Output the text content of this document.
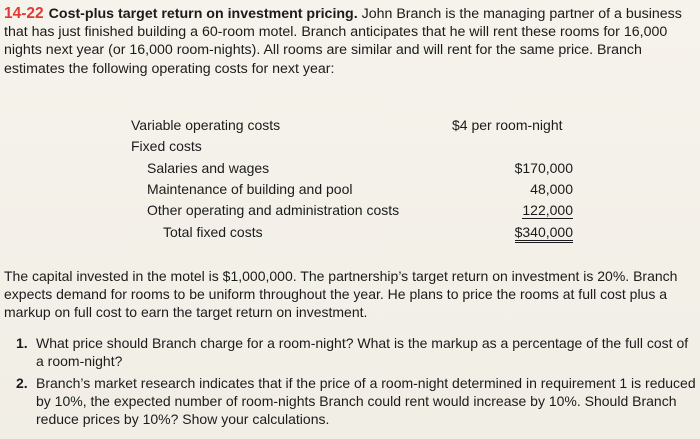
14-22 Cost-plus target return on investment pricing. John Branch is the managing partner of a business that has just finished building a 60-room motel. Branch anticipates that he will rent these rooms for 16,000 nights next year (or 16,000 room-nights). All rooms are similar and will rent for the same price. Branch estimates the following operating costs for next year:
Variable operating costs	$4 per room-night
Fixed costs
Salaries and wages	$170,000
Maintenance of building and pool	48,000
Other operating and administration costs	122,000
Total fixed costs	$340,000
The capital invested in the motel is $1,000,000. The partnership’s target return on investment is 20%. Branch expects demand for rooms to be uniform throughout the year. He plans to price the rooms at full cost plus a markup on full cost to earn the target return on investment.
1. What price should Branch charge for a room-night? What is the markup as a percentage of the full cost of a room-night?
2. Branch’s market research indicates that if the price of a room-night determined in requirement 1 is reduced by 10%, the expected number of room-nights Branch could rent would increase by 10%. Should Branch reduce prices by 10%? Show your calculations.
